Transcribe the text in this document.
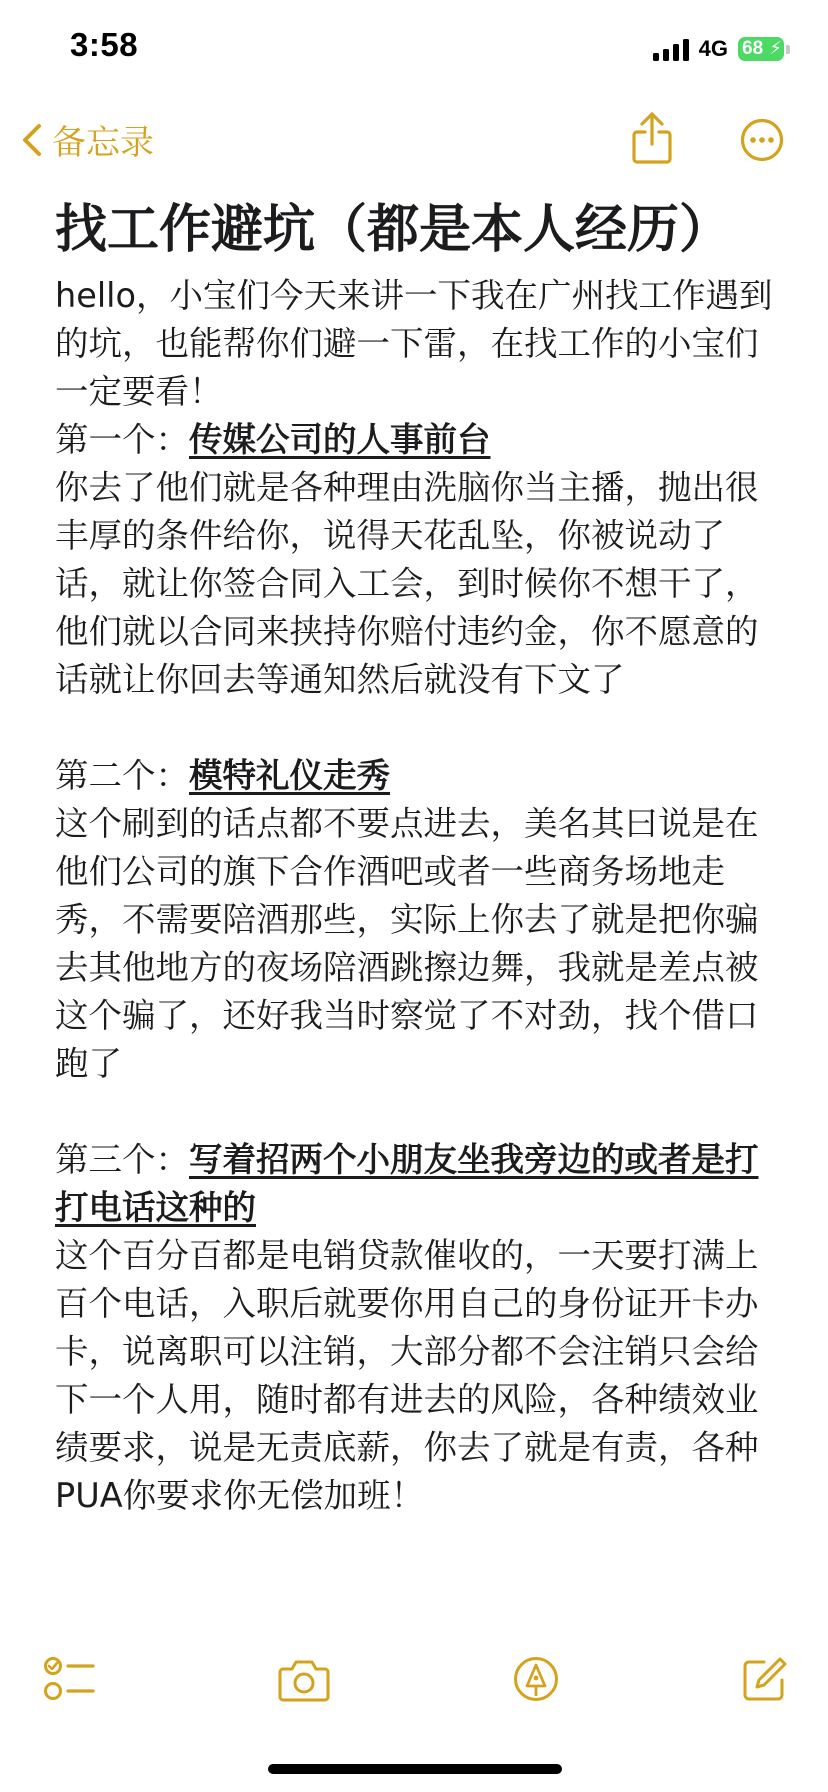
3:58	4G 68 ⚡
备忘录
找工作避坑（都是本人经历）
hello，小宝们今天来讲一下我在广州找工作遇到的坑，也能帮你们避一下雷，在找工作的小宝们一定要看！
第一个：传媒公司的人事前台
你去了他们就是各种理由洗脑你当主播，抛出很丰厚的条件给你，说得天花乱坠，你被说动了话，就让你签合同入工会，到时候你不想干了，他们就以合同来挟持你赔付违约金，你不愿意的话就让你回去等通知然后就没有下文了
第二个：模特礼仪走秀
这个刷到的话点都不要点进去，美名其曰说是在他们公司的旗下合作酒吧或者一些商务场地走秀，不需要陪酒那些，实际上你去了就是把你骗去其他地方的夜场陪酒跳擦边舞，我就是差点被这个骗了，还好我当时察觉了不对劲，找个借口跑了
第三个：写着招两个小朋友坐我旁边的或者是打打电话这种的
这个百分百都是电销贷款催收的，一天要打满上百个电话，入职后就要你用自己的身份证开卡办卡，说离职可以注销，大部分都不会注销只会给下一个人用，随时都有进去的风险，各种绩效业绩要求，说是无责底薪，你去了就是有责，各种PUA你要求你无偿加班！
